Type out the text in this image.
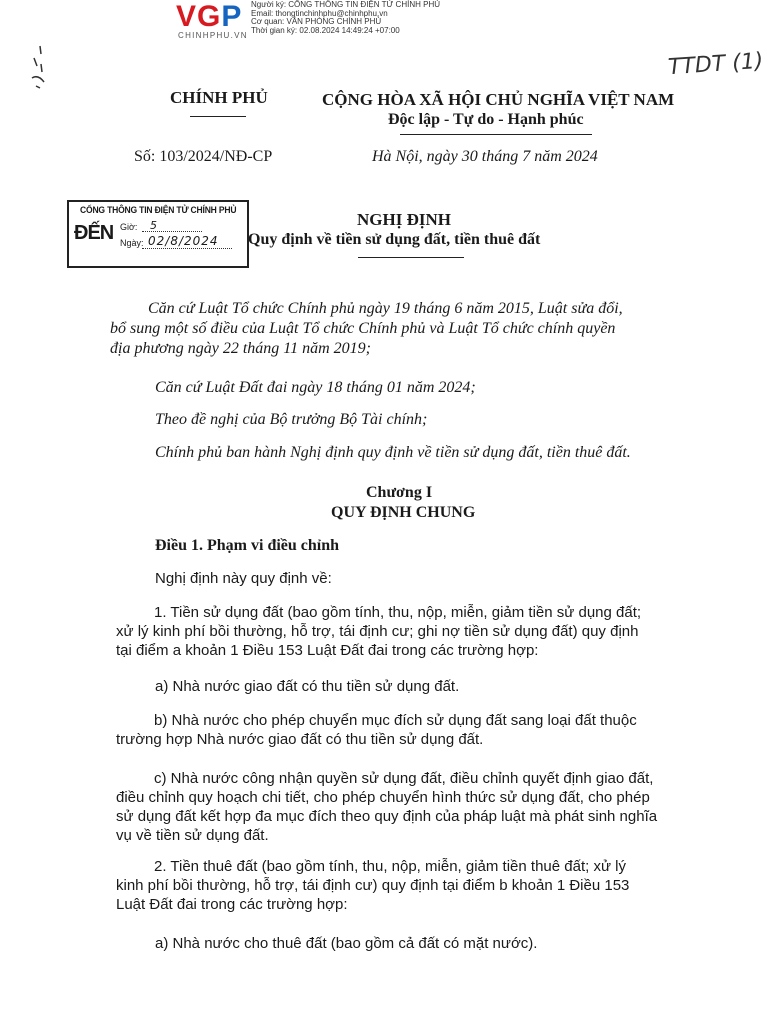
VGP
CHINHPHU.VN
Người ký: CỔNG THÔNG TIN ĐIỆN TỬ CHÍNH PHỦ
Email: thongtinchinhphu@chinhphu.vn
Cơ quan: VĂN PHÒNG CHÍNH PHỦ
Thời gian ký: 02.08.2024 14:49:24 +07:00
TTDT (1)
CHÍNH PHỦ	CỘNG HÒA XÃ HỘI CHỦ NGHĨA VIỆT NAM
Độc lập - Tự do - Hạnh phúc
Số: 103/2024/NĐ-CP	Hà Nội, ngày 30 tháng 7 năm 2024
CỔNG THÔNG TIN ĐIỆN TỬ CHÍNH PHỦ
ĐẾN Giờ: 5
Ngày: 02/8/2024
NGHỊ ĐỊNH
Quy định về tiền sử dụng đất, tiền thuê đất
Căn cứ Luật Tổ chức Chính phủ ngày 19 tháng 6 năm 2015, Luật sửa đổi,
bổ sung một số điều của Luật Tổ chức Chính phủ và Luật Tổ chức chính quyền
địa phương ngày 22 tháng 11 năm 2019;
Căn cứ Luật Đất đai ngày 18 tháng 01 năm 2024;
Theo đề nghị của Bộ trưởng Bộ Tài chính;
Chính phủ ban hành Nghị định quy định về tiền sử dụng đất, tiền thuê đất.
Chương I
QUY ĐỊNH CHUNG
Điều 1. Phạm vi điều chỉnh
Nghị định này quy định về:
1. Tiền sử dụng đất (bao gồm tính, thu, nộp, miễn, giảm tiền sử dụng đất;
xử lý kinh phí bồi thường, hỗ trợ, tái định cư; ghi nợ tiền sử dụng đất) quy định
tại điểm a khoản 1 Điều 153 Luật Đất đai trong các trường hợp:
a) Nhà nước giao đất có thu tiền sử dụng đất.
b) Nhà nước cho phép chuyển mục đích sử dụng đất sang loại đất thuộc
trường hợp Nhà nước giao đất có thu tiền sử dụng đất.
c) Nhà nước công nhận quyền sử dụng đất, điều chỉnh quyết định giao đất,
điều chỉnh quy hoạch chi tiết, cho phép chuyển hình thức sử dụng đất, cho phép
sử dụng đất kết hợp đa mục đích theo quy định của pháp luật mà phát sinh nghĩa
vụ về tiền sử dụng đất.
2. Tiền thuê đất (bao gồm tính, thu, nộp, miễn, giảm tiền thuê đất; xử lý
kinh phí bồi thường, hỗ trợ, tái định cư) quy định tại điểm b khoản 1 Điều 153
Luật Đất đai trong các trường hợp:
a) Nhà nước cho thuê đất (bao gồm cả đất có mặt nước).
